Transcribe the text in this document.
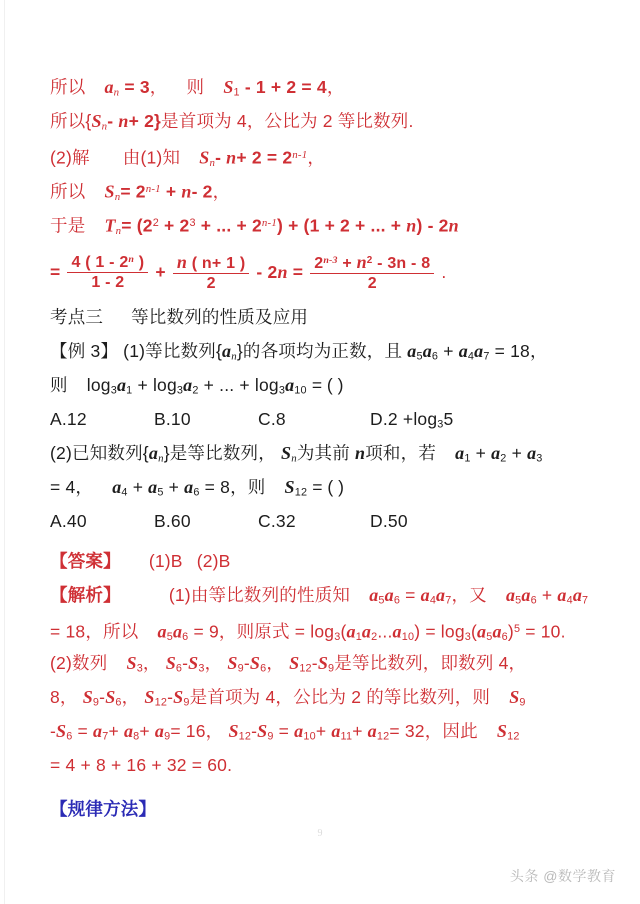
所以 $a_n = 3$， 则 $S_1 - 1 + 2 = 4$，
所以{$S_n-$ n+ 2}是首项为 4，公比为 2 等比数列.
(2)解 由(1)知 $S_n-$ $n+ 2 = 2^{n-1}$，
所以 $S_n= 2^{n-1} + n-$ 2，
于是 $T_n= (2^2 + 2^3$ + ... + $2^{n-1}) + (1 + 2$ + ... + n) - 2n
= $\frac{4 ( 1 - 2^n )}{1 - 2} + \frac{n ( n+ 1 )}{2} - 2n = \frac{2^{n-3} + n^2 - 3n - 8}{2}$ .
考点三 等比数列的性质及应用
【例 3】 (1)等比数列$\{a_n\}$的各项均为正数，且 $a_5a_6 + a_4a_7 = 18$，
则 $\log_3a_1 + \log_3a_2$ + ... + $\log_3a_{10}$ = ( )
A.12	B.10	C.8	$D.2 +\log_35$
(2)已知数列$\{a_n\}$是等比数列， $S_n$为其前 n项和，若 $a_1 + a_2 + a_3$
= 4， $a_4 + a_5 + a_6 = 8$，则 $S_{12}$ = ( )
A.40	B.60	C.32	D.50
【答案】 (1)B (2)B
【解析】	(1)由等比数列的性质知 $a_5a_6 = a_4a_7$，又 $a_5a_6 + a_4a_7$
= 18，所以 $a_5a_6 = 9$，则原式 = $\log_3(a_1a_2...a_{10}) = \log_3(a_5a_6)^5 = 10$.
(2)数列 $S_3$， $S_6-S_3$， $S_9-S_6$， $S_{12}-S_9$是等比数列，即数列 4，
8， $S_9-S_6$， $S_{12}-S_9$是首项为 4，公比为 2 的等比数列，则 $S_9$
$-S_6 = a_7+ a_8+ a_9= 16$， $S_{12}-S_9 = a_{10}+ a_{11}+ a_{12}= 32$，因此 $S_{12}$
= 4 + 8 + 16 + 32 = 60.
【规律方法】
9
头条 @数学教育
